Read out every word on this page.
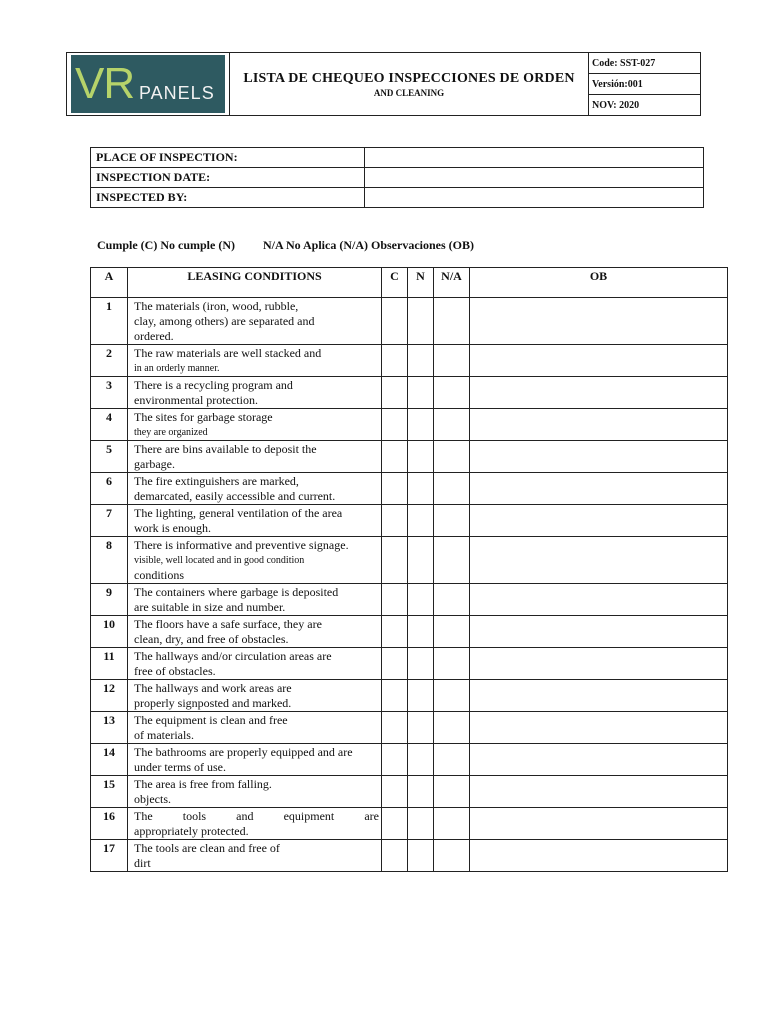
VR PANELS

LISTA DE CHEQUEO INSPECCIONES DE ORDEN
AND CLEANING
	Code: SST-027
Versión:001
NOV: 2020
PLACE OF INSPECTION:	
INSPECTION DATE:	
INSPECTED BY:	
Cumple (C) No cumple (N) N/A No Aplica (N/A) Observaciones (OB)
A	LEASING CONDITIONS	C	N	N/A	OB
1	The materials (iron, wood, rubble,
clay, among others) are separated and
ordered.				

2	The raw materials are well stacked and
in an orderly manner.				

3	There is a recycling program and
environmental protection.				

4	The sites for garbage storage
they are organized				

5	There are bins available to deposit the
garbage.				

6	The fire extinguishers are marked,
demarcated, easily accessible and current.				

7	The lighting, general ventilation of the area
work is enough.				

8	There is informative and preventive signage.
visible, well located and in good condition
conditions				

9	The containers where garbage is deposited
are suitable in size and number.				

10	The floors have a safe surface, they are
clean, dry, and free of obstacles.				

11	The hallways and/or circulation areas are
free of obstacles.				

12	The hallways and work areas are
properly signposted and marked.				

13	The equipment is clean and free
of materials.				

14	The bathrooms are properly equipped and are
under terms of use.				

15	The area is free from falling.
objects.				

16	The tools and equipment are
appropriately protected.				

17	The tools are clean and free of
dirt				
